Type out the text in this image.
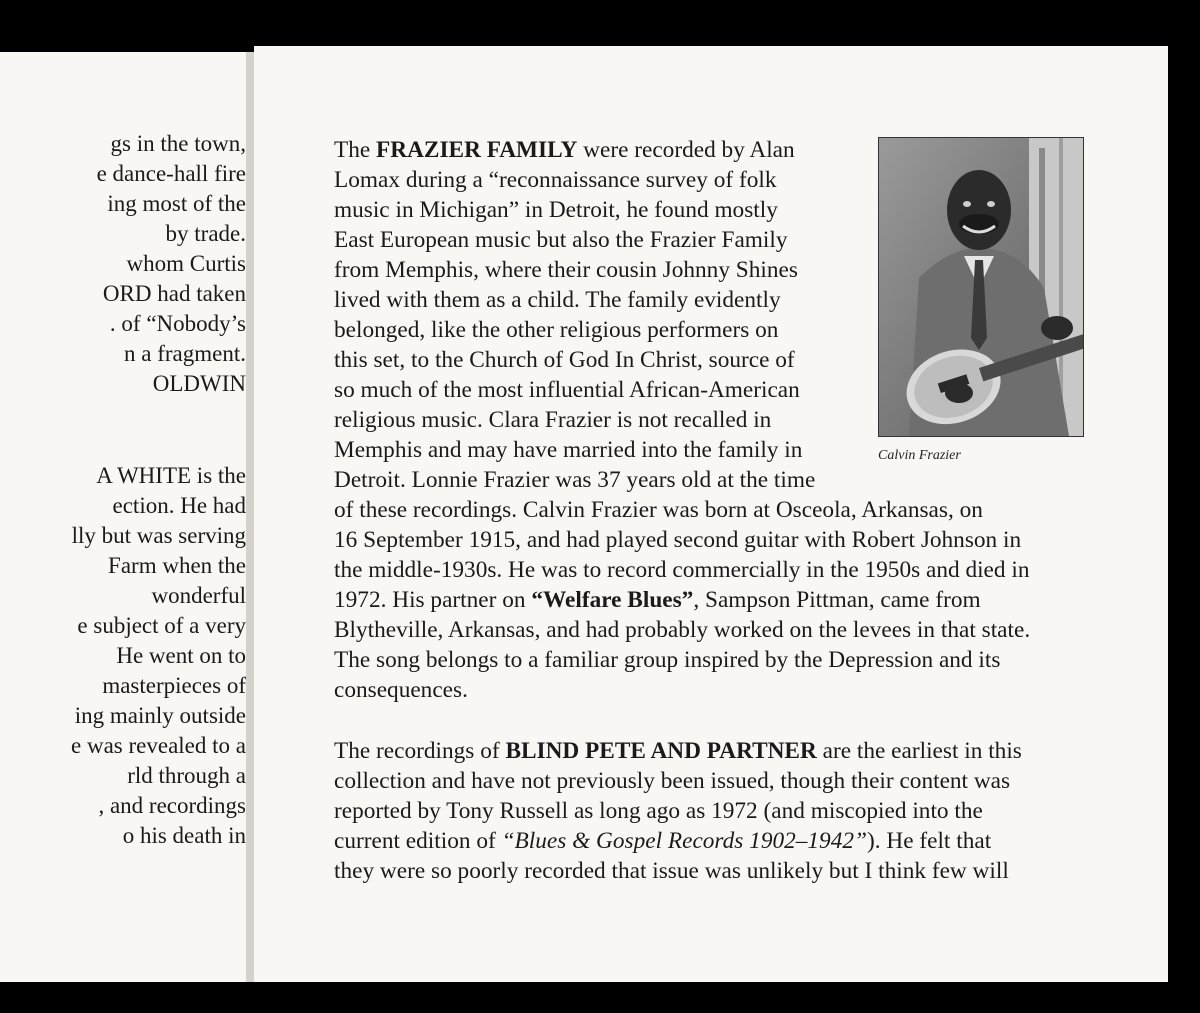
gs in the town,
e dance-hall fire
ing most of the
by trade.
whom Curtis
ORD had taken
. of “Nobody’s
n a fragment.
OLDWIN
A WHITE is the
ection. He had
lly but was serving
Farm when the
wonderful
e subject of a very
He went on to
masterpieces of
ing mainly outside
e was revealed to a
rld through a
, and recordings
o his death in
Calvin Frazier
The FRAZIER FAMILY were recorded by Alan
Lomax during a “reconnaissance survey of folk
music in Michigan” in Detroit, he found mostly
East European music but also the Frazier Family
from Memphis, where their cousin Johnny Shines
lived with them as a child. The family evidently
belonged, like the other religious performers on
this set, to the Church of God In Christ, source of
so much of the most influential African-American
religious music. Clara Frazier is not recalled in
Memphis and may have married into the family in
Detroit. Lonnie Frazier was 37 years old at the time
of these recordings. Calvin Frazier was born at Osceola, Arkansas, on
16 September 1915, and had played second guitar with Robert Johnson in
the middle-1930s. He was to record commercially in the 1950s and died in
1972. His partner on “Welfare Blues”, Sampson Pittman, came from
Blytheville, Arkansas, and had probably worked on the levees in that state.
The song belongs to a familiar group inspired by the Depression and its
consequences.
The recordings of BLIND PETE AND PARTNER are the earliest in this
collection and have not previously been issued, though their content was
reported by Tony Russell as long ago as 1972 (and miscopied into the
current edition of “Blues & Gospel Records 1902–1942”). He felt that
they were so poorly recorded that issue was unlikely but I think few will
